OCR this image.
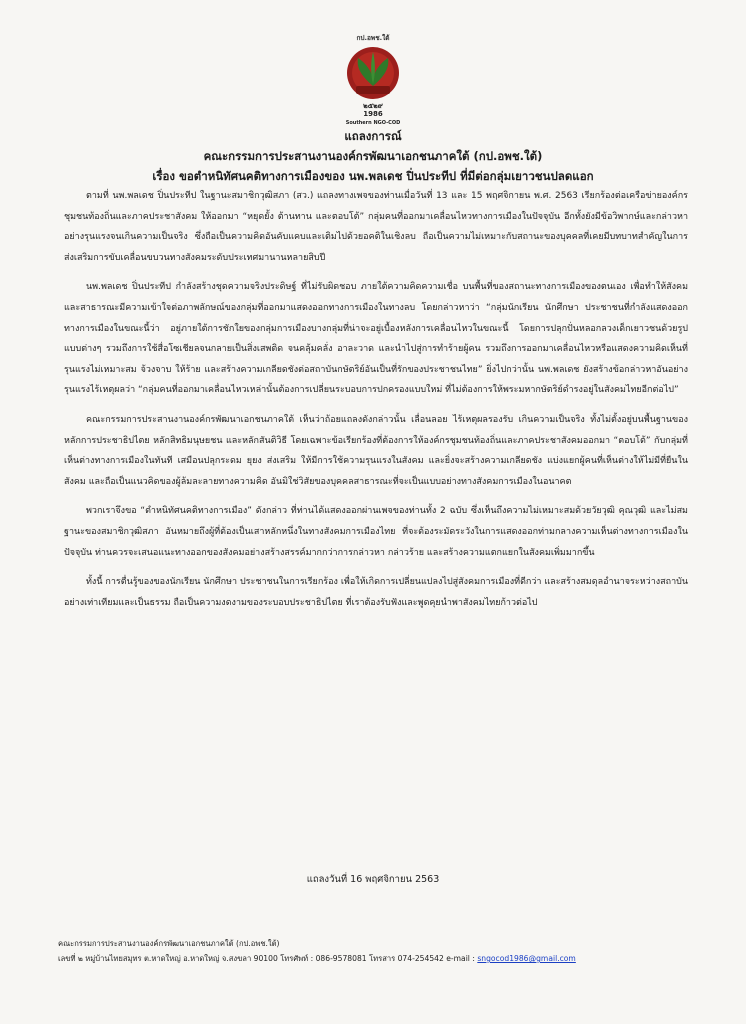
กป.อพช.ใต้
๒๕๒๙
1986
Southern NGO-COD

แถลงการณ์

คณะกรรมการประสานงานองค์กรพัฒนาเอกชนภาคใต้ (กป.อพช.ใต้)

เรื่อง ขอตำหนิทัศนคติทางการเมืองของ นพ.พลเดช ปิ่นประทีป ที่มีต่อกลุ่มเยาวชนปลดแอก

ตามที่ นพ.พลเดช ปิ่นประทีป ในฐานะสมาชิกวุฒิสภา (สว.) แถลงทางเพจของท่านเมื่อวันที่ 13 และ 15 พฤศจิกายน พ.ศ. 2563 เรียกร้องต่อเครือข่ายองค์กรชุมชนท้องถิ่นและภาคประชาสังคม ให้ออกมา “หยุดยั้ง ต้านทาน และตอบโต้” กลุ่มคนที่ออกมาเคลื่อนไหวทางการเมืองในปัจจุบัน อีกทั้งยังมีข้อวิพากษ์และกล่าวหาอย่างรุนแรงจนเกินความเป็นจริง ซึ่งถือเป็นความคิดอันคับแคบและเติมไปด้วยอคติในเชิงลบ ถือเป็นความไม่เหมาะกับสถานะของบุคคลที่เคยมีบทบาทสำคัญในการส่งเสริมการขับเคลื่อนขบวนทางสังคมระดับประเทศมานานหลายสิบปี

นพ.พลเดช ปิ่นประทีป กำลังสร้างชุดความจริงประดิษฐ์ ที่ไม่รับผิดชอบ ภายใต้ความคิดความเชื่อ บนพื้นที่ของสถานะทางการเมืองของตนเอง เพื่อทำให้สังคมและสาธารณะมีความเข้าใจต่อภาพลักษณ์ของกลุ่มที่ออกมาแสดงออกทางการเมืองในทางลบ โดยกล่าวหาว่า “กลุ่มนักเรียน นักศึกษา ประชาชนที่กำลังแสดงออกทางการเมืองในขณะนี้ว่า อยู่ภายใต้การชักใยของกลุ่มการเมืองบางกลุ่มที่น่าจะอยู่เบื้องหลังการเคลื่อนไหวในขณะนี้ โดยการปลุกปั่นหลอกลวงเด็กเยาวชนด้วยรูปแบบต่างๆ รวมถึงการใช้สื่อโซเชียลจนกลายเป็นสิ่งเสพติด จนคลุ้มคลั่ง อาละวาด และนำไปสู่การทำร้ายผู้คน รวมถึงการออกมาเคลื่อนไหวหรือแสดงความคิดเห็นที่รุนแรงไม่เหมาะสม จ้วงจาบ ให้ร้าย และสร้างความเกลียดชังต่อสถาบันกษัตริย์อันเป็นที่รักของประชาชนไทย” ยิ่งไปกว่านั้น นพ.พลเดช ยังสร้างข้อกล่าวหาอันอย่างรุนแรงไร้เหตุผลว่า “กลุ่มคนที่ออกมาเคลื่อนไหวเหล่านั้นต้องการเปลี่ยนระบอบการปกครองแบบใหม่ ที่ไม่ต้องการให้พระมหากษัตริย์ดำรงอยู่ในสังคมไทยอีกต่อไป”

คณะกรรมการประสานงานองค์กรพัฒนาเอกชนภาคใต้ เห็นว่าถ้อยแถลงดังกล่าวนั้น เลื่อนลอย ไร้เหตุผลรองรับ เกินความเป็นจริง ทั้งไม่ตั้งอยู่บนพื้นฐานของหลักการประชาธิปไตย หลักสิทธิมนุษยชน และหลักสันติวิธี โดยเฉพาะข้อเรียกร้องที่ต้องการให้องค์กรชุมชนท้องถิ่นและภาคประชาสังคมออกมา “ตอบโต้” กับกลุ่มที่เห็นต่างทางการเมืองในทันที เสมือนปลุกระดม ยุยง ส่งเสริม ให้มีการใช้ความรุนแรงในสังคม และยิ่งจะสร้างความเกลียดชัง แบ่งแยกผู้คนที่เห็นต่างให้ไม่มีที่ยืนในสังคม และถือเป็นแนวคิดของผู้ล้มละลายทางความคิด อันมิใช่วิสัยของบุคคลสาธารณะที่จะเป็นแบบอย่างทางสังคมการเมืองในอนาคต

พวกเราจึงขอ “ตำหนิทัศนคติทางการเมือง” ดังกล่าว ที่ท่านได้แสดงออกผ่านเพจของท่านทั้ง 2 ฉบับ ซึ่งเห็นถึงความไม่เหมาะสมด้วยวัยวุฒิ คุณวุฒิ และไม่สมฐานะของสมาชิกวุฒิสภา อันหมายถึงผู้ที่ต้องเป็นเสาหลักหนึ่งในทางสังคมการเมืองไทย ที่จะต้องระมัดระวังในการแสดงออกท่ามกลางความเห็นต่างทางการเมืองในปัจจุบัน ท่านควรจะเสนอแนะทางออกของสังคมอย่างสร้างสรรค์มากกว่าการกล่าวหา กล่าวร้าย และสร้างความแตกแยกในสังคมเพิ่มมากขึ้น

ทั้งนี้ การตื่นรู้ของของนักเรียน นักศึกษา ประชาชนในการเรียกร้อง เพื่อให้เกิดการเปลี่ยนแปลงไปสู่สังคมการเมืองที่ดีกว่า และสร้างสมดุลอำนาจระหว่างสถาบันอย่างเท่าเทียมและเป็นธรรม ถือเป็นความงดงามของระบอบประชาธิปไตย ที่เราต้องรับฟังและพูดคุยนำพาสังคมไทยก้าวต่อไป

แถลงวันที่ 16 พฤศจิกายน 2563
คณะกรรมการประสานงานองค์กรพัฒนาเอกชนภาคใต้ (กป.อพช.ใต้)
เลขที่ ๒ หมู่บ้านไทยสมุทร ต.หาดใหญ่ อ.หาดใหญ่ จ.สงขลา 90100 โทรศัพท์ : 086-9578081 โทรสาร 074-254542 e-mail : sngocod1986@gmail.com
